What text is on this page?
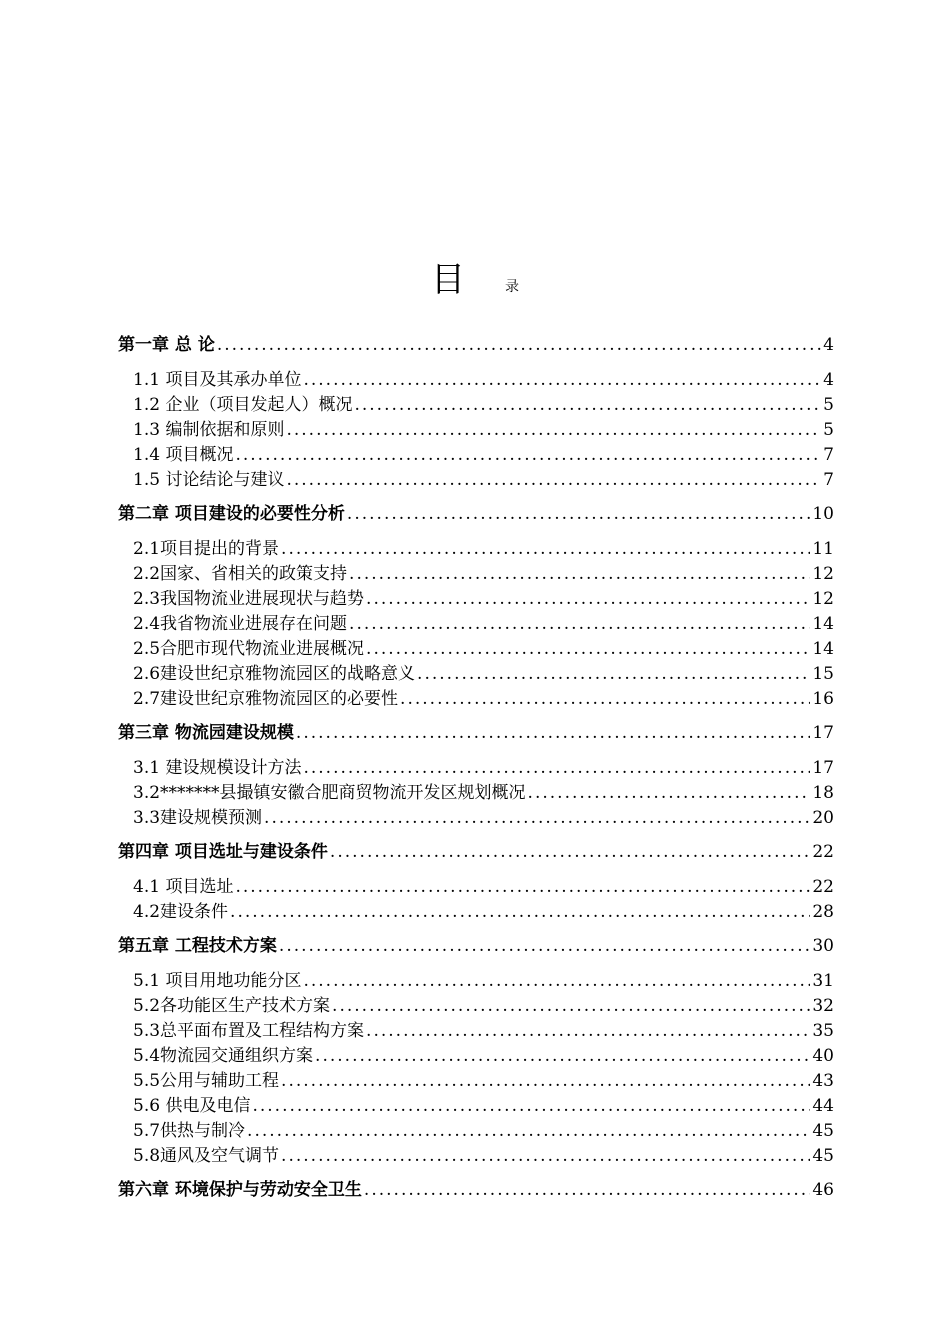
目	录
第一章 总 论 .....	4
1.1 项目及其承办单位 .....	4
1.2 企业（项目发起人）概况 .....	5
1.3 编制依据和原则 .....	5
1.4 项目概况 .....	7
1.5 讨论结论与建议 .....	7
第二章 项目建设的必要性分析 .....	10
2.1项目提出的背景 .....	11
2.2国家、省相关的政策支持 .....	12
2.3我国物流业进展现状与趋势 .....	12
2.4我省物流业进展存在问题 .....	14
2.5合肥市现代物流业进展概况 .....	14
2.6建设世纪京雅物流园区的战略意义 .....	15
2.7建设世纪京雅物流园区的必要性 .....	16
第三章 物流园建设规模 .....	17
3.1 建设规模设计方法 .....	17
3.2*******县撮镇安徽合肥商贸物流开发区规划概况 .....	18
3.3建设规模预测 .....	20
第四章 项目选址与建设条件 .....	22
4.1 项目选址 .....	22
4.2建设条件 .....	28
第五章 工程技术方案 .....	30
5.1 项目用地功能分区 .....	31
5.2各功能区生产技术方案 .....	32
5.3总平面布置及工程结构方案 .....	35
5.4物流园交通组织方案 .....	40
5.5公用与辅助工程 .....	43
5.6 供电及电信 .....	44
5.7供热与制冷 .....	45
5.8通风及空气调节 .....	45
第六章 环境保护与劳动安全卫生 .....	46
